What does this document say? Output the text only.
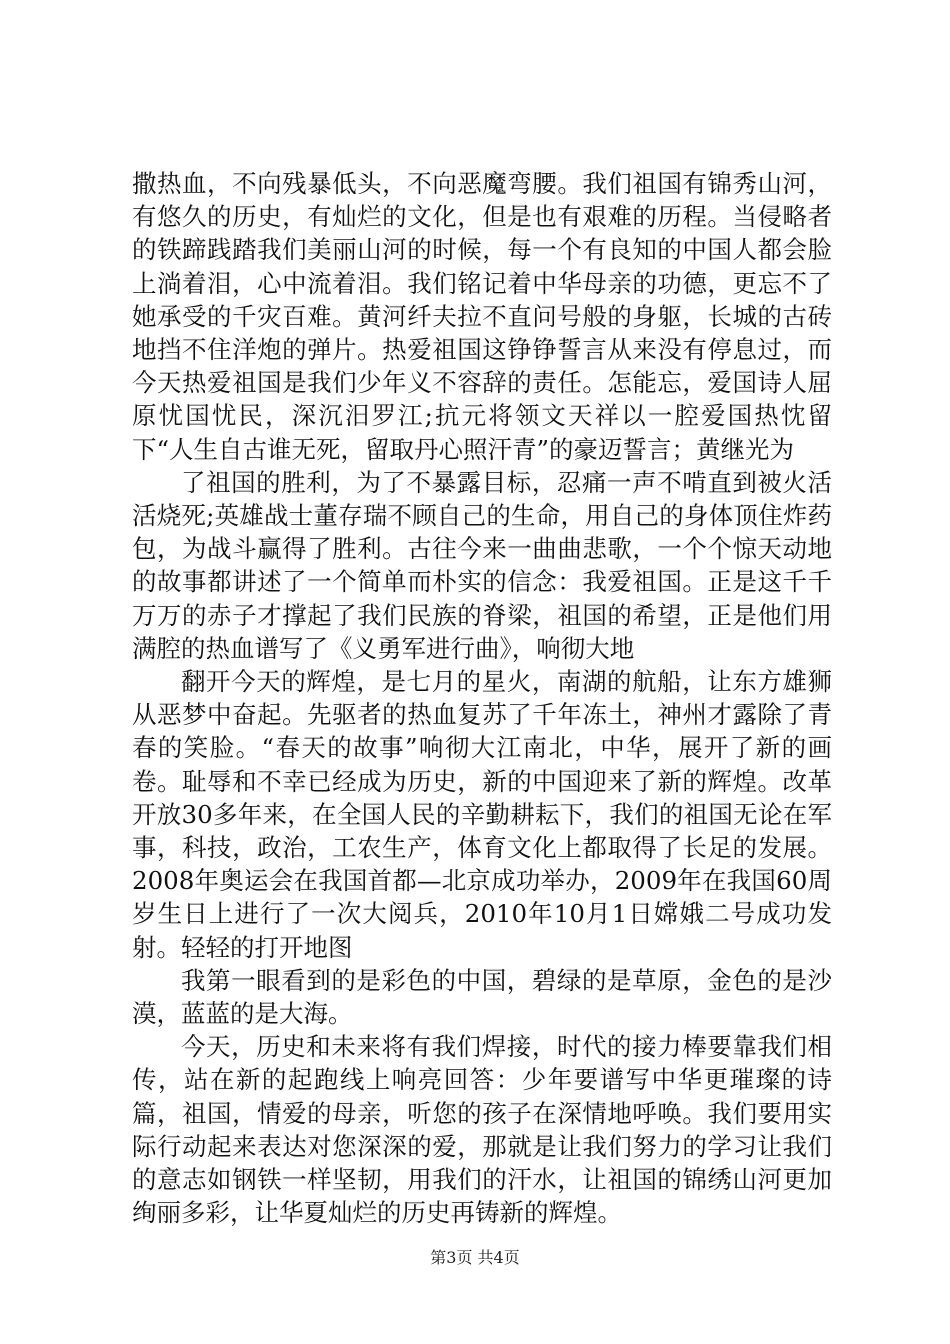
撒热血，不向残暴低头，不向恶魔弯腰。我们祖国有锦秀山河，有悠久的历史，有灿烂的文化，但是也有艰难的历程。当侵略者的铁蹄践踏我们美丽山河的时候，每一个有良知的中国人都会脸上淌着泪，心中流着泪。我们铭记着中华母亲的功德，更忘不了她承受的千灾百难。黄河纤夫拉不直问号般的身躯，长城的古砖地挡不住洋炮的弹片。热爱祖国这铮铮誓言从来没有停息过，而今天热爱祖国是我们少年义不容辞的责任。怎能忘，爱国诗人屈原忧国忧民，深沉汨罗江;抗元将领文天祥以一腔爱国热忱留下“人生自古谁无死，留取丹心照汗青”的豪迈誓言；黄继光为

了祖国的胜利，为了不暴露目标，忍痛一声不啃直到被火活活烧死;英雄战士董存瑞不顾自己的生命，用自己的身体顶住炸药包，为战斗赢得了胜利。古往今来一曲曲悲歌，一个个惊天动地的故事都讲述了一个简单而朴实的信念：我爱祖国。正是这千千万万的赤子才撑起了我们民族的脊梁，祖国的希望，正是他们用满腔的热血谱写了《义勇军进行曲》，响彻大地

翻开今天的辉煌，是七月的星火，南湖的航船，让东方雄狮从恶梦中奋起。先驱者的热血复苏了千年冻土，神州才露除了青春的笑脸。“春天的故事”响彻大江南北，中华，展开了新的画卷。耻辱和不幸已经成为历史，新的中国迎来了新的辉煌。改革开放30多年来，在全国人民的辛勤耕耘下，我们的祖国无论在军事，科技，政治，工农生产，体育文化上都取得了长足的发展。2008年奥运会在我国首都—北京成功举办，2009年在我国60周岁生日上进行了一次大阅兵，2010年10月1日嫦娥二号成功发射。轻轻的打开地图

我第一眼看到的是彩色的中国，碧绿的是草原，金色的是沙漠，蓝蓝的是大海。

今天，历史和未来将有我们焊接，时代的接力棒要靠我们相传，站在新的起跑线上响亮回答：少年要谱写中华更璀璨的诗篇，祖国，情爱的母亲，听您的孩子在深情地呼唤。我们要用实际行动起来表达对您深深的爱，那就是让我们努力的学习让我们的意志如钢铁一样坚韧，用我们的汗水，让祖国的锦绣山河更加绚丽多彩，让华夏灿烂的历史再铸新的辉煌。

第3页 共4页
